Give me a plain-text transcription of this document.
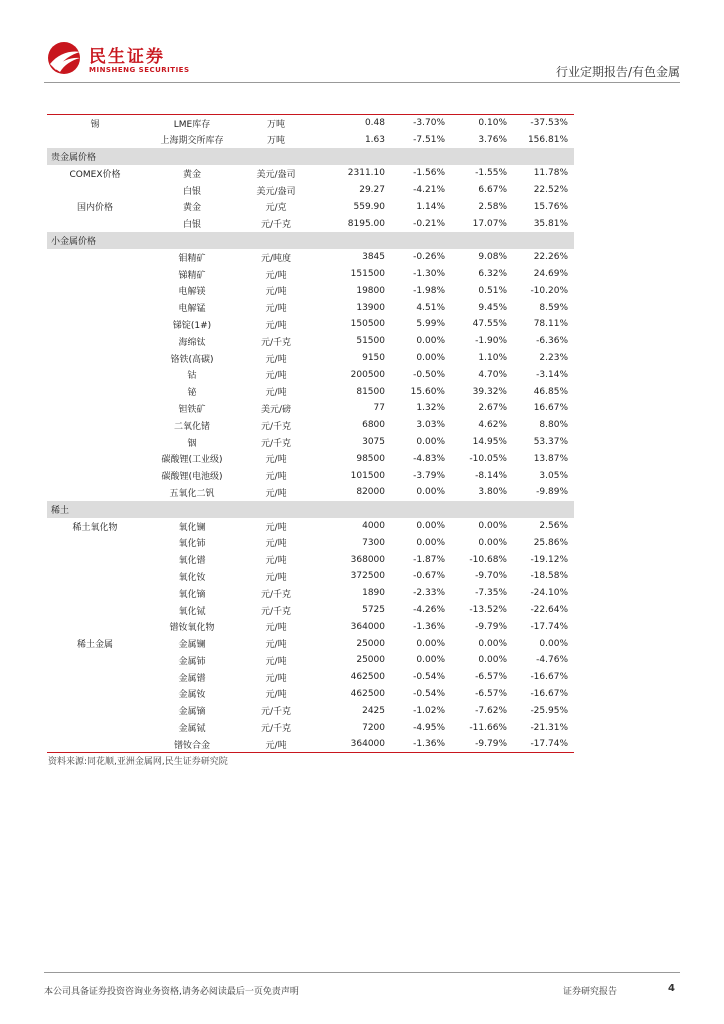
民生证券
MINSHENG SECURITIES	行业定期报告/有色金属
锡	LME库存	万吨	0.48	-3.70%	0.10%	-37.53%
	上海期交所库存	万吨	1.63	-7.51%	3.76%	156.81%
贵金属价格						
COMEX价格	黄金	美元/盎司	2311.10	-1.56%	-1.55%	11.78%
	白银	美元/盎司	29.27	-4.21%	6.67%	22.52%
国内价格	黄金	元/克	559.90	1.14%	2.58%	15.76%
	白银	元/千克	8195.00	-0.21%	17.07%	35.81%
小金属价格						
	钼精矿	元/吨度	3845	-0.26%	9.08%	22.26%
	锑精矿	元/吨	151500	-1.30%	6.32%	24.69%
	电解镁	元/吨	19800	-1.98%	0.51%	-10.20%
	电解锰	元/吨	13900	4.51%	9.45%	8.59%
	锑锭(1#)	元/吨	150500	5.99%	47.55%	78.11%
	海绵钛	元/千克	51500	0.00%	-1.90%	-6.36%
	铬铁(高碳)	元/吨	9150	0.00%	1.10%	2.23%
	钴	元/吨	200500	-0.50%	4.70%	-3.14%
	铋	元/吨	81500	15.60%	39.32%	46.85%
	钽铁矿	美元/磅	77	1.32%	2.67%	16.67%
	二氧化锗	元/千克	6800	3.03%	4.62%	8.80%
	铟	元/千克	3075	0.00%	14.95%	53.37%
	碳酸锂(工业级)	元/吨	98500	-4.83%	-10.05%	13.87%
	碳酸锂(电池级)	元/吨	101500	-3.79%	-8.14%	3.05%
	五氧化二钒	元/吨	82000	0.00%	3.80%	-9.89%
稀土						
稀土氧化物	氧化镧	元/吨	4000	0.00%	0.00%	2.56%
	氧化铈	元/吨	7300	0.00%	0.00%	25.86%
	氧化镨	元/吨	368000	-1.87%	-10.68%	-19.12%
	氧化钕	元/吨	372500	-0.67%	-9.70%	-18.58%
	氧化镝	元/千克	1890	-2.33%	-7.35%	-24.10%
	氧化铽	元/千克	5725	-4.26%	-13.52%	-22.64%
	镨钕氧化物	元/吨	364000	-1.36%	-9.79%	-17.74%
稀土金属	金属镧	元/吨	25000	0.00%	0.00%	0.00%
	金属铈	元/吨	25000	0.00%	0.00%	-4.76%
	金属镨	元/吨	462500	-0.54%	-6.57%	-16.67%
	金属钕	元/吨	462500	-0.54%	-6.57%	-16.67%
	金属镝	元/千克	2425	-1.02%	-7.62%	-25.95%
	金属铽	元/千克	7200	-4.95%	-11.66%	-21.31%
	镨钕合金	元/吨	364000	-1.36%	-9.79%	-17.74%
资料来源:同花顺,亚洲金属网,民生证券研究院
本公司具备证券投资咨询业务资格,请务必阅读最后一页免责声明	证券研究报告	4
